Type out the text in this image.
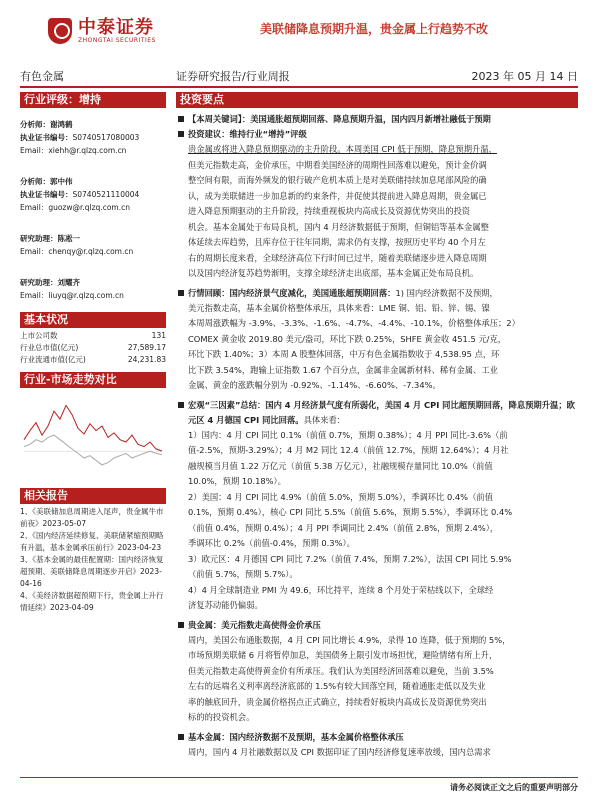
中泰证券
ZHONGTAI SECURITIES
美联储降息预期升温，贵金属上行趋势不改
有色金属	证券研究报告/行业周报	2023 年 05 月 14 日
行业评级：增持
分析师：谢鸿鹤
执业证书编号：S0740517080003
Email：xiehh@r.qlzq.com.cn
分析师：郭中伟
执业证书编号：S0740521110004
Email：guozw@r.qlzq.com.cn
研究助理：陈凇一
Email：chenqy@r.qlzq.com.cn
研究助理：刘耀齐
Email：liuyq@r.qlzq.com.cn
基本状况
上市公司数	131
行业总市值(亿元)	27,589.17
行业流通市值(亿元)	24,231.83
行业-市场走势对比
相关报告
1、《美联储加息周期进入尾声，贵金属牛市前夜》2023-05-07
2、《国内经济延续修复、美联储紧缩预期略有升温，基本金属承压前行》2023-04-23
3、《基本金属的最佳配置期：国内经济恢复超预期、美联储降息周期逐步开启》2023-04-16
4、《美经济数据超预期下行，贵金属上升行情延续》2023-04-09
投资要点
【本周关键词】：美国通胀超预期回落、降息预期升温，国内四月新增社融低于预期
投资建议：维持行业“增持”评级
贵金属或将进入降息预期驱动的主升阶段。本周美国 CPI 低于预期，降息预期升温，
但美元指数走高，金价承压，中期看美国经济的周期性回落难以避免，预计金价调
整空间有限，而海外频发的银行破产危机本质上是对美联储持续加息尾部风险的确
认，成为美联储进一步加息新的约束条件，并促使其提前进入降息周期，贵金属已
进入降息预期驱动的主升阶段，持续重视板块内高成长及资源优势突出的投资
机会。基本金属处于布局良机，国内 4 月经济数据低于预期，但铜铝等基本金属整
体延续去库趋势，且库存位于往年同期，需求仍有支撑，按照历史平均 40 个月左
右的周期长度来看，全球经济高位下行时间已过半，随着美联储逐步进入降息周期
以及国内经济复苏趋势渐明，支撑全球经济走出底部，基本金属正处布局良机。
行情回顾：国内经济景气度减化，美国通胀超预期回落：1) 国内经济数据不及预期，
美元指数走高，基本金属价格整体承压，具体来看：LME 铜、铝、铅、锌、锡、镍
本周周涨跌幅为 -3.9%、-3.3%、-1.6%、-4.7%、-4.4%、-10.1%，价格整体承压；2）
COMEX 黄金收 2019.80 美元/盎司，环比下跌 0.25%，SHFE 黄金收 451.5 元/克，
环比下跌 1.40%；3）本周 A 股整体回落，中万有色金属指数收于 4,538.95 点，环
比下跌 3.54%，跑输上证指数 1.67 个百分点，金属非金属新材料、稀有金属、工业
金属、黄金的涨跌幅分别为 -0.92%、-1.14%、-6.60%、-7.34%。
宏观“三因素”总结：国内 4 月经济景气度有所弱化，美国 4 月 CPI 同比超预期回落，降息预期升温；欧元区 4 月德国 CPI 同比回落。具体来看：
1）国内：4 月 CPI 同比 0.1%（前值 0.7%，预期 0.38%）；4 月 PPI 同比-3.6%（前
值-2.5%，预期-3.29%）；4 月 M2 同比 12.4（前值 12.7%，预期 12.64%）；4 月社
融规模当月值 1.22 万亿元（前值 5.38 万亿元），社融规模存量同比 10.0%（前值
10.0%，预期 10.18%）。
2）美国：4 月 CPI 同比 4.9%（前值 5.0%，预期 5.0%），季调环比 0.4%（前值
0.1%，预期 0.4%），核心 CPI 同比 5.5%（前值 5.6%，预期 5.5%），季调环比 0.4%
（前值 0.4%，预期 0.4%）；4 月 PPI 季调同比 2.4%（前值 2.8%，预期 2.4%），
季调环比 0.2%（前值-0.4%，预期 0.3%）。
3）欧元区：4 月德国 CPI 同比 7.2%（前值 7.4%，预期 7.2%），法国 CPI 同比 5.9%
（前值 5.7%，预期 5.7%）。
4）4 月全球制造业 PMI 为 49.6，环比持平，连续 8 个月处于荣枯线以下，全球经
济复苏动能仍偏弱。
贵金属：美元指数走高使得金价承压
周内，美国公布通胀数据，4 月 CPI 同比增长 4.9%，录得 10 连降，低于预期的 5%，
市场预期美联储 6 月将暂停加息，美国债务上限引发市场担忧，避险情绪有所上升，
但美元指数走高使得黄金价有所承压。我们认为美国经济回落难以避免，当前 3.5%
左右的远端名义利率离经济底部的 1.5%有较大回落空间，随着通胀走低以及失业
率的触底回升，贵金属价格拐点正式确立，持续看好板块内高成长及资源优势突出
标的的投资机会。
基本金属：国内经济数据不及预期，基本金属价格整体承压
周内，国内 4 月社融数据以及 CPI 数据印证了国内经济修复速率放缓，国内总需求
请务必阅读正文之后的重要声明部分
